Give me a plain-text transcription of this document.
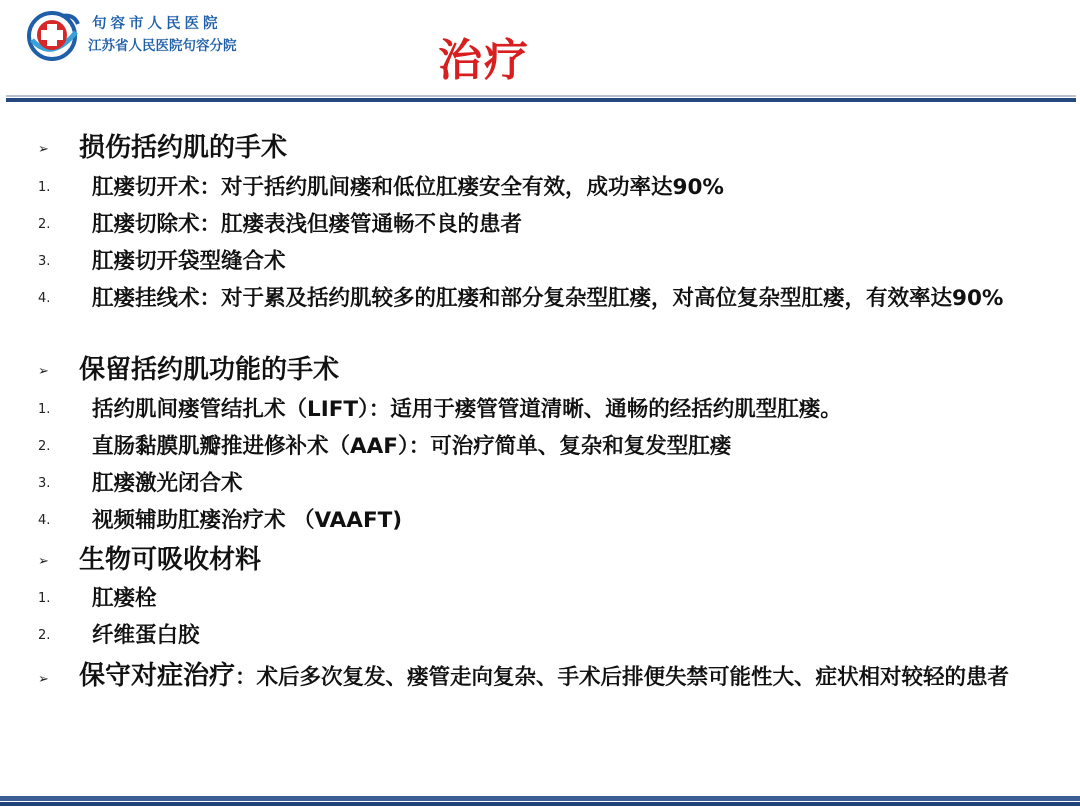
句容市人民医院
江苏省人民医院句容分院	治疗
➢ 损伤括约肌的手术
1. 肛瘘切开术：对于括约肌间瘘和低位肛瘘安全有效，成功率达90%
2. 肛瘘切除术：肛瘘表浅但瘘管通畅不良的患者
3. 肛瘘切开袋型缝合术
4. 肛瘘挂线术：对于累及括约肌较多的肛瘘和部分复杂型肛瘘，对高位复杂型肛瘘，有效率达90%
➢ 保留括约肌功能的手术
1. 括约肌间瘘管结扎术（LIFT）：适用于瘘管管道清晰、通畅的经括约肌型肛瘘。
2. 直肠黏膜肌瓣推进修补术（AAF）：可治疗简单、复杂和复发型肛瘘
3. 肛瘘激光闭合术
4. 视频辅助肛瘘治疗术 （VAAFT)
➢ 生物可吸收材料
1. 肛瘘栓
2. 纤维蛋白胶
➢ 保守对症治疗：术后多次复发、瘘管走向复杂、手术后排便失禁可能性大、症状相对较轻的患者
